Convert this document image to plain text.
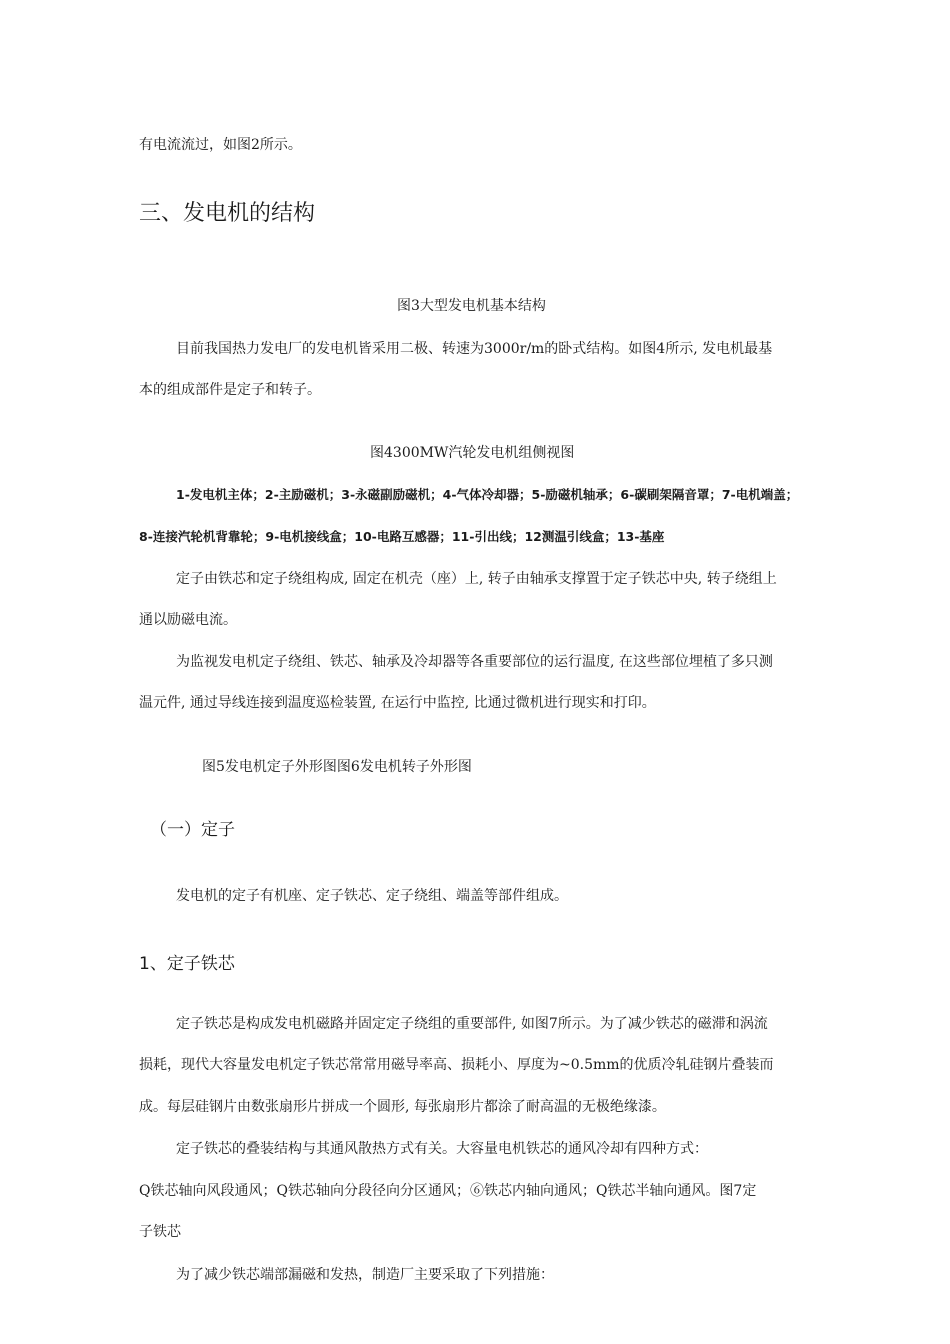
有电流流过，如图2所示。
三、发电机的结构
图3大型发电机基本结构
目前我国热力发电厂的发电机皆采用二极、转速为3000r/m的卧式结构。如图4所示, 发电机最基
本的组成部件是定子和转子。
图4300MW汽轮发电机组侧视图
1-发电机主体；2-主励磁机；3-永磁副励磁机；4-气体冷却器；5-励磁机轴承；6-碳刷架隔音罩；7-电机端盖；
8-连接汽轮机背靠轮；9-电机接线盒；10-电路互感器；11-引出线；12测温引线盒；13-基座
定子由铁芯和定子绕组构成, 固定在机壳（座）上, 转子由轴承支撑置于定子铁芯中央, 转子绕组上
通以励磁电流。
为监视发电机定子绕组、铁芯、轴承及冷却器等各重要部位的运行温度, 在这些部位埋植了多只测
温元件, 通过导线连接到温度巡检装置, 在运行中监控, 比通过微机进行现实和打印。
图5发电机定子外形图图6发电机转子外形图
（一）定子
发电机的定子有机座、定子铁芯、定子绕组、端盖等部件组成。
1、定子铁芯
定子铁芯是构成发电机磁路并固定定子绕组的重要部件, 如图7所示。为了减少铁芯的磁滞和涡流
损耗，现代大容量发电机定子铁芯常常用磁导率高、损耗小、厚度为~0.5mm的优质冷轧硅钢片叠装而
成。每层硅钢片由数张扇形片拼成一个圆形, 每张扇形片都涂了耐高温的无极绝缘漆。
定子铁芯的叠装结构与其通风散热方式有关。大容量电机铁芯的通风冷却有四种方式：
Q铁芯轴向风段通风；Q铁芯轴向分段径向分区通风；⑥铁芯内轴向通风；Q铁芯半轴向通风。图7定
子铁芯
为了减少铁芯端部漏磁和发热，制造厂主要采取了下列措施：
